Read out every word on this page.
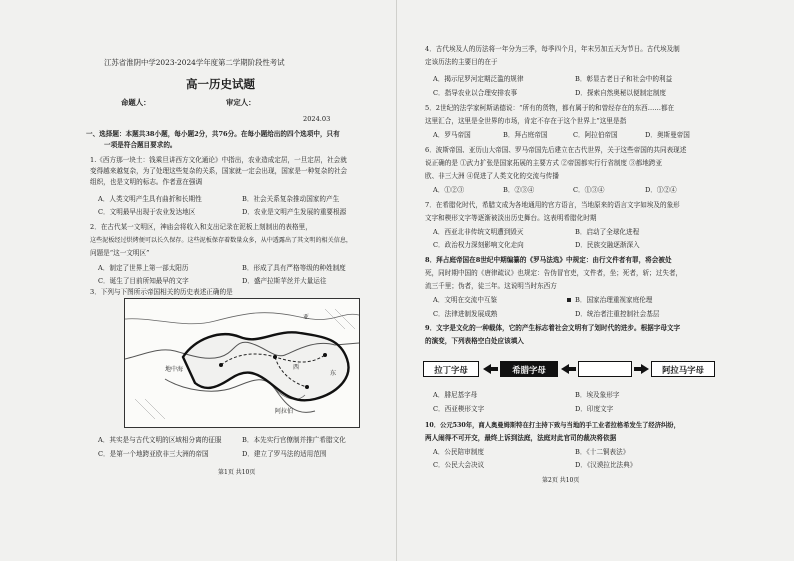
江苏省淮阴中学2023-2024学年度第二学期阶段性考试
高一历史试题
命题人：	审定人：
2024.03
一、选择题：本题共38小题，每小题2分，共76分。在每小题给出的四个选项中，只有
一项是符合题目要求的。
1.《西方那一块土：钱乘旦讲西方文化通论》中指出，农业造成定居，一旦定居，社会就
变得越来越复杂，为了处理这些复杂的关系，国家就一定会出现，国家是一种复杂的社会
组织，也是文明的标志。作者意在强调
A．人类文明产生具有曲折和长期性	B．社会关系复杂推动国家的产生
C．文明最早出现于农业发达地区	D．农业是文明产生发展的重要根源
2．在古代某一文明区，神庙会将收入和支出记录在泥板上刻制出的表格里，
这些泥板经过烘烤便可以长久保存。这些泥板保存着数量众多，从中透露出了其文明的相关信息，
问题是“这一文明区”
A．制定了世界上第一部太阳历	B．形成了具有严格等级的种姓制度
C．诞生了目前所知最早的文字	D．盛产拉斯苹丝并大量运往
3．下列与下图所示帝国相关的历史表述正确的是
亚
地中海
东
西
阿拉伯
A．其实是与古代文明的区域相分离的征服	B．本先实行官僚制并推广希腊文化
C．是第一个地跨亚欧非三大洲的帝国	D．建立了罗马法的适用范围
第1页 共10页
4．古代埃及人的历法将一年分为三季，每季四个月，年末另加五天为节日。古代埃及制
定该历法的主要目的在于
A．揭示尼罗河定期泛滥的规律	B．彰显古老日子和社会中的利益
C．指导农业以合理安排农事	D．探索自然奥秘以便制定制度
5．2世纪的法学家柯斯诺德说：“所有的货物，都有属于的和曾经存在的东西……都在
这里汇合，这里是全世界的市场，肯定不存在于这个世界上”这里是指
A．罗马帝国	B．拜占庭帝国	C．阿拉伯帝国	D．奥斯曼帝国
6．波斯帝国、亚历山大帝国、罗马帝国先后建立在古代世界，关于这些帝国的共同表现述
说正确的是 ①武力扩张是国家拓展的主要方式 ②帝国都实行行省制度 ③都地跨亚
欧、非三大洲 ④促进了人类文化的交流与传播
A．①②③	B．②③④	C．①③④	D．①②④
7．在希腊化时代，希腊文成为各地通用的官方语言，当地原来的语言文字如埃及的象形
文字和楔形文字等逐渐被淡出历史舞台。这表明希腊化时期
A．西亚北非传统文明遭到毁灭	B．启动了全球化进程
C．政治权力深刻影响文化走向	D．民族交融逐渐深入
8．拜占庭帝国在8世纪中期编纂的《罗马法选》中规定：由行文件者有罪，将会被处
死，同时期中国的《唐律疏议》也规定：告伪冒官吏，文件者，坐；死者，斩；过失者，
流三千里；伪者，徒三年。这说明当时东西方
A．文明在交流中互鉴	B．国家治理重视家庭伦理
C．法律进制发展成熟	D．统治者注重控制社会基层
9．文字是文化的一种载体，它的产生标志着社会文明有了划时代的进步。根据字母文字
的演变，下列表格空白处应该填入
拉丁字母	希腊字母	阿拉马字母
A．腓尼基字母	B．埃及象形字
C．西亚楔形文字	D．印度文字
10．公元530年，商人奥曼姆斯特在打主持下致与当地的手工业者拉格希发生了经济纠纷，
两人闹得不可开交，最终上诉到法庭，法庭对此官司的裁决将依据
A．公民陪审制度	B．《十二铜表法》
C．公民大会决议	D．《汉谟拉比法典》
第2页 共10页
